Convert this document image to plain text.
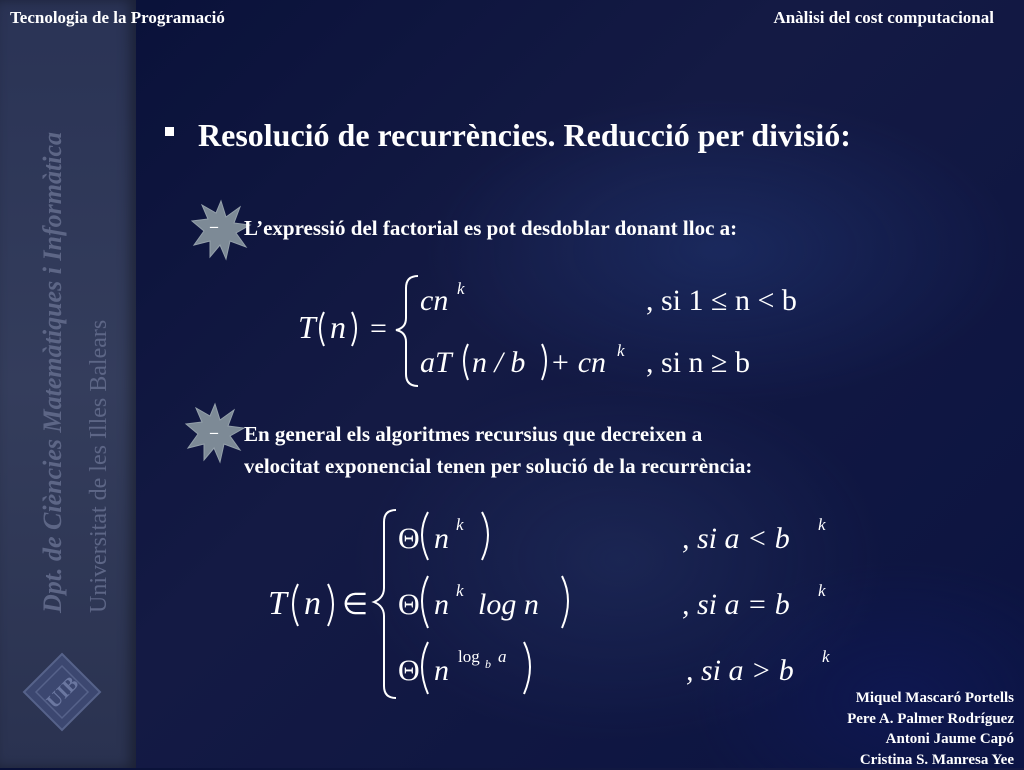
Dpt. de Ciències Matemàtiques i Informàtica Universitat de les Illes Balears
UIB
Tecnologia de la Programació	Anàlisi del cost computacional
Resolució de recurrències. Reducció per divisió:
– L’expressió del factorial es pot desdoblar donant lloc a:
T n =
cn k	, si 1 ≤ n < b
aT n / b + cn k , si n ≥ b
– En general els algoritmes recursius que decreixen a
velocitat exponencial tenen per solució de la recurrència:
T n ∈
Θ n k	, si a < b k
Θ n k log n	, si a = b k
Θ n log b a	, si a > b k
Miquel Mascaró Portells
Pere A. Palmer Rodríguez
Antoni Jaume Capó
Cristina S. Manresa Yee
